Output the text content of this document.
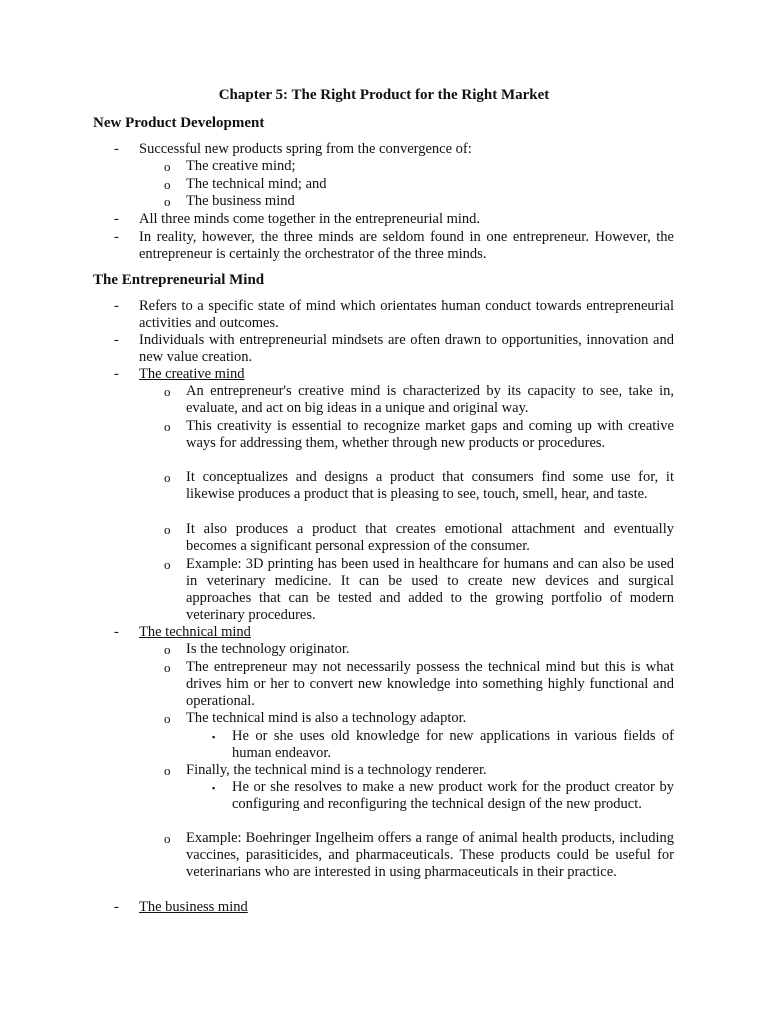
Chapter 5: The Right Product for the Right Market
New Product Development
- Successful new products spring from the convergence of:
o The creative mind;
o The technical mind; and
o The business mind
- All three minds come together in the entrepreneurial mind.
- In reality, however, the three minds are seldom found in one entrepreneur. However, the entrepreneur is certainly the orchestrator of the three minds.
The Entrepreneurial Mind
- Refers to a specific state of mind which orientates human conduct towards entrepreneurial activities and outcomes.
- Individuals with entrepreneurial mindsets are often drawn to opportunities, innovation and new value creation.
- The creative mind
o An entrepreneur's creative mind is characterized by its capacity to see, take in, evaluate, and act on big ideas in a unique and original way.
o This creativity is essential to recognize market gaps and coming up with creative ways for addressing them, whether through new products or procedures.
o It conceptualizes and designs a product that consumers find some use for, it likewise produces a product that is pleasing to see, touch, smell, hear, and taste.
o It also produces a product that creates emotional attachment and eventually becomes a significant personal expression of the consumer.
o Example: 3D printing has been used in healthcare for humans and can also be used in veterinary medicine. It can be used to create new devices and surgical approaches that can be tested and added to the growing portfolio of modern veterinary procedures.
- The technical mind
o Is the technology originator.
o The entrepreneur may not necessarily possess the technical mind but this is what drives him or her to convert new knowledge into something highly functional and operational.
o The technical mind is also a technology adaptor.
▪ He or she uses old knowledge for new applications in various fields of human endeavor.
o Finally, the technical mind is a technology renderer.
▪ He or she resolves to make a new product work for the product creator by configuring and reconfiguring the technical design of the new product.
o Example: Boehringer Ingelheim offers a range of animal health products, including vaccines, parasiticides, and pharmaceuticals. These products could be useful for veterinarians who are interested in using pharmaceuticals in their practice.
- The business mind
